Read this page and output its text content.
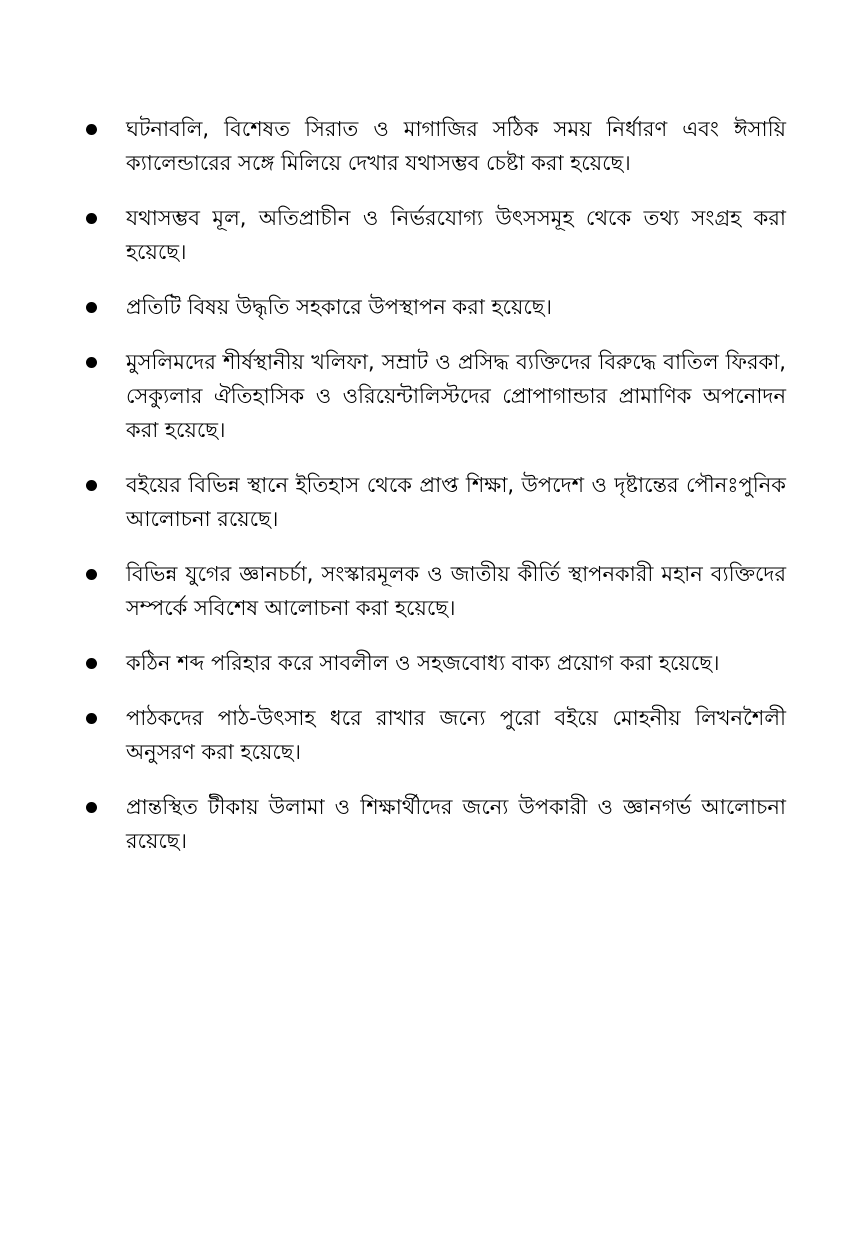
ঘটনাবলি, বিশেষত সিরাত ও মাগাজির সঠিক সময় নির্ধারণ এবং ঈসায়ি ক্যালেন্ডারের সঙ্গে মিলিয়ে দেখার যথাসম্ভব চেষ্টা করা হয়েছে।
যথাসম্ভব মূল, অতিপ্রাচীন ও নির্ভরযোগ্য উৎসসমূহ থেকে তথ্য সংগ্রহ করা হয়েছে।
প্রতিটি বিষয় উদ্ধৃতি সহকারে উপস্থাপন করা হয়েছে।
মুসলিমদের শীর্ষস্থানীয় খলিফা, সম্রাট ও প্রসিদ্ধ ব্যক্তিদের বিরুদ্ধে বাতিল ফিরকা, সেক্যুলার ঐতিহাসিক ও ওরিয়েন্টালিস্টদের প্রোপাগান্ডার প্রামাণিক অপনোদন করা হয়েছে।
বইয়ের বিভিন্ন স্থানে ইতিহাস থেকে প্রাপ্ত শিক্ষা, উপদেশ ও দৃষ্টান্তের পৌনঃপুনিক আলোচনা রয়েছে।
বিভিন্ন যুগের জ্ঞানচর্চা, সংস্কারমূলক ও জাতীয় কীর্তি স্থাপনকারী মহান ব্যক্তিদের সম্পর্কে সবিশেষ আলোচনা করা হয়েছে।
কঠিন শব্দ পরিহার করে সাবলীল ও সহজবোধ্য বাক্য প্রয়োগ করা হয়েছে।
পাঠকদের পাঠ-উৎসাহ ধরে রাখার জন্যে পুরো বইয়ে মোহনীয় লিখনশৈলী অনুসরণ করা হয়েছে।
প্রান্তস্থিত টীকায় উলামা ও শিক্ষার্থীদের জন্যে উপকারী ও জ্ঞানগর্ভ আলোচনা রয়েছে।
